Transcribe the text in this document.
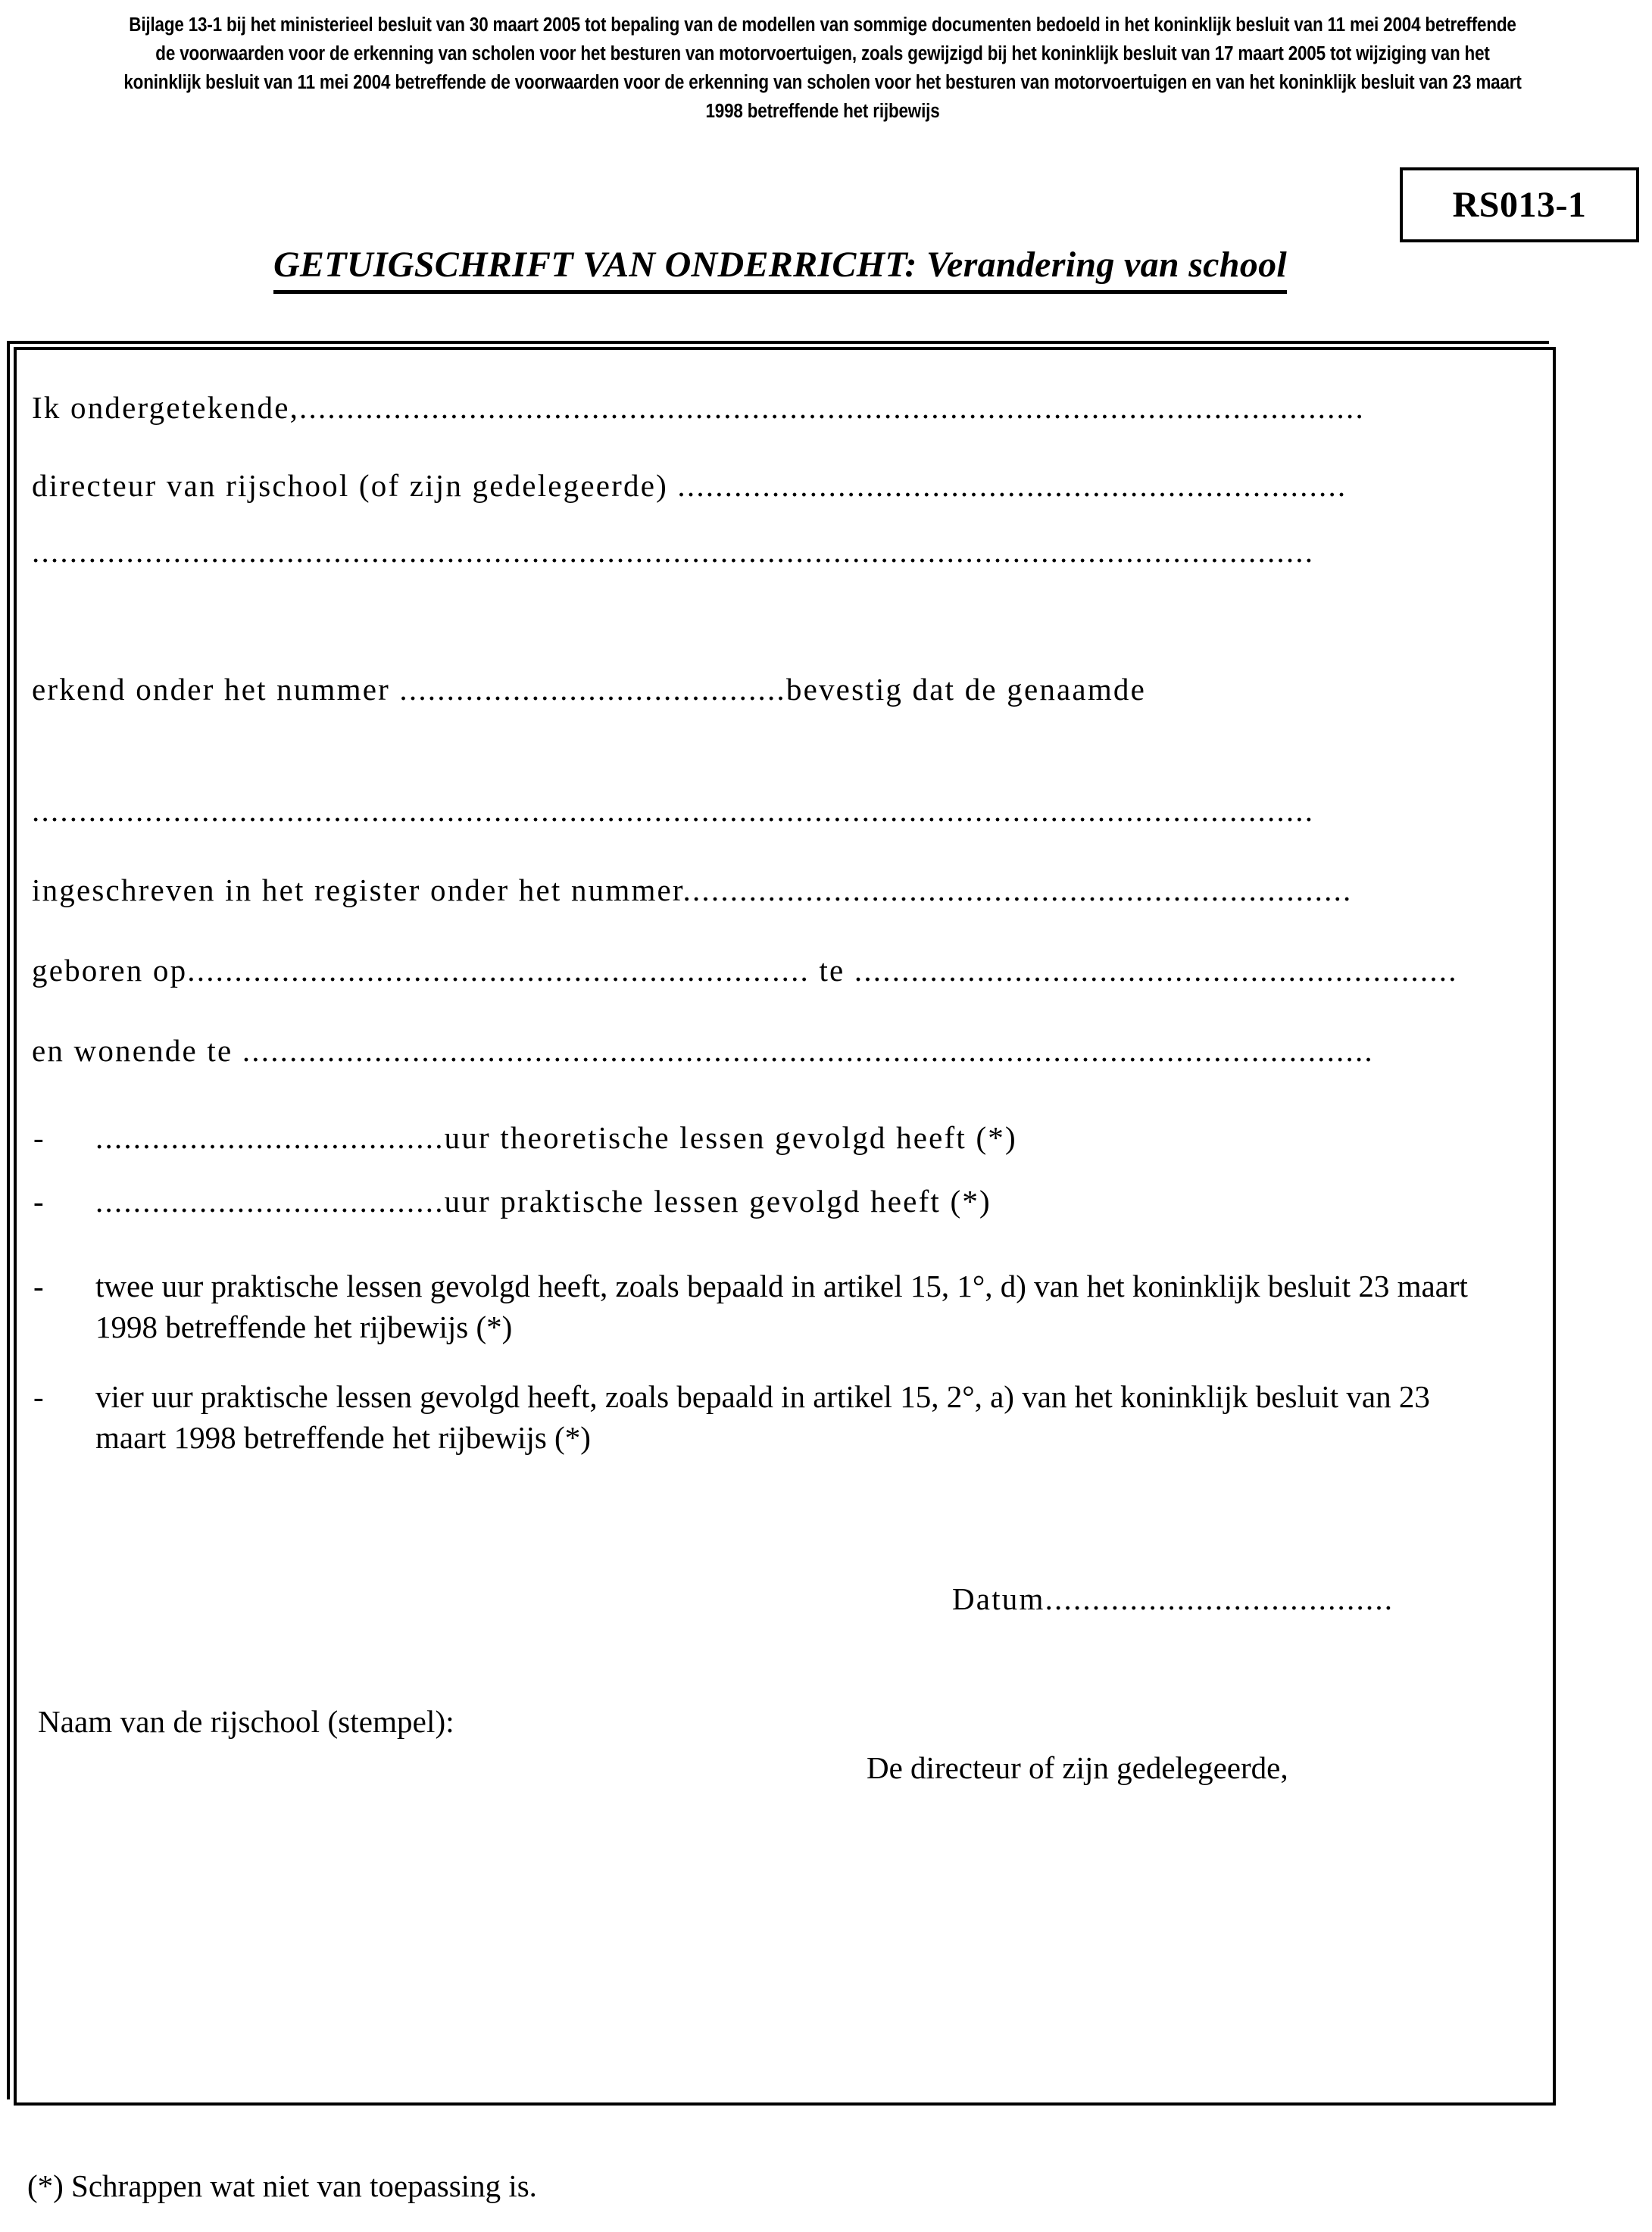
Bijlage 13-1 bij het ministerieel besluit van 30 maart 2005 tot bepaling van de modellen van sommige documenten bedoeld in het koninklijk besluit van 11 mei 2004 betreffende de voorwaarden voor de erkenning van scholen voor het besturen van motorvoertuigen, zoals gewijzigd bij het koninklijk besluit van 17 maart 2005 tot wijziging van het koninklijk besluit van 11 mei 2004 betreffende de voorwaarden voor de erkenning van scholen voor het besturen van motorvoertuigen en van het koninklijk besluit van 23 maart 1998 betreffende het rijbewijs
RS013-1
GETUIGSCHRIFT VAN ONDERRICHT: Verandering van school
Ik ondergetekende,.................................................................................................................
directeur van rijschool (of zijn gedelegeerde) .......................................................................
........................................................................................................................................
erkend onder het nummer .........................................bevestig dat de genaamde
........................................................................................................................................
ingeschreven in het register onder het nummer.......................................................................
geboren op.................................................................. te ................................................................
en wonende te ........................................................................................................................
- .....................................uur theoretische lessen gevolgd heeft (*)
- .....................................uur praktische lessen gevolgd heeft (*)
- twee uur praktische lessen gevolgd heeft, zoals bepaald in artikel 15, 1°, d) van het koninklijk besluit 23 maart 1998 betreffende het rijbewijs (*)
- vier uur praktische lessen gevolgd heeft, zoals bepaald in artikel 15, 2°, a) van het koninklijk besluit van 23 maart 1998 betreffende het rijbewijs (*)
Datum.....................................
Naam van de rijschool (stempel):
De directeur of zijn gedelegeerde,
(*) Schrappen wat niet van toepassing is.
